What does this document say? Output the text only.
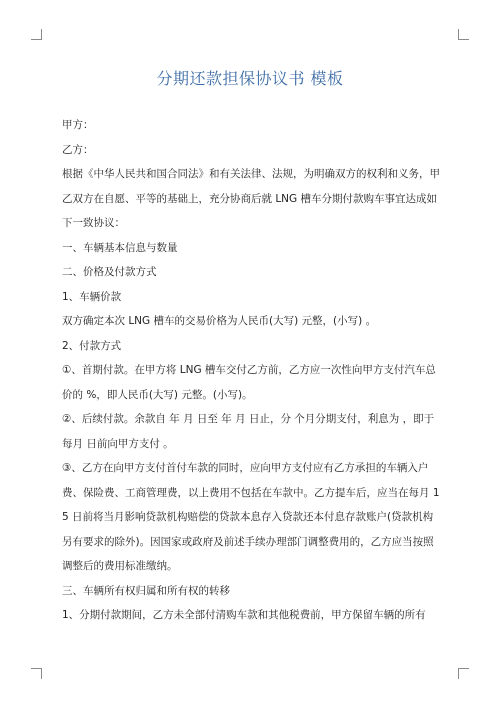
分期还款担保协议书 模板

甲方：

乙方：

根据《中华人民共和国合同法》和有关法律、法规，为明确双方的权利和义务，甲乙双方在自愿、平等的基础上，充分协商后就 LNG 槽车分期付款购车事宜达成如下一致协议：

一、车辆基本信息与数量

二、价格及付款方式

1、车辆价款

双方确定本次 LNG 槽车的交易价格为人民币(大写) 元整，(小写) 。

2、付款方式

①、首期付款。在甲方将 LNG 槽车交付乙方前，乙方应一次性向甲方支付汽车总价的 %，即人民币(大写) 元整。(小写)。

②、后续付款。余款自 年 月 日至 年 月 日止，分 个月分期支付，利息为 ，即于每月 日前向甲方支付 。

③、乙方在向甲方支付首付车款的同时，应向甲方支付应有乙方承担的车辆入户费、保险费、工商管理费，以上费用不包括在车款中。乙方提车后，应当在每月 15 日前将当月影响贷款机构赔偿的贷款本息存入贷款还本付息存款账户(贷款机构另有要求的除外)。因国家或政府及前述手续办理部门调整费用的，乙方应当按照调整后的费用标准缴纳。

三、车辆所有权归属和所有权的转移

1、分期付款期间，乙方未全部付清购车款和其他税费前，甲方保留车辆的所有
